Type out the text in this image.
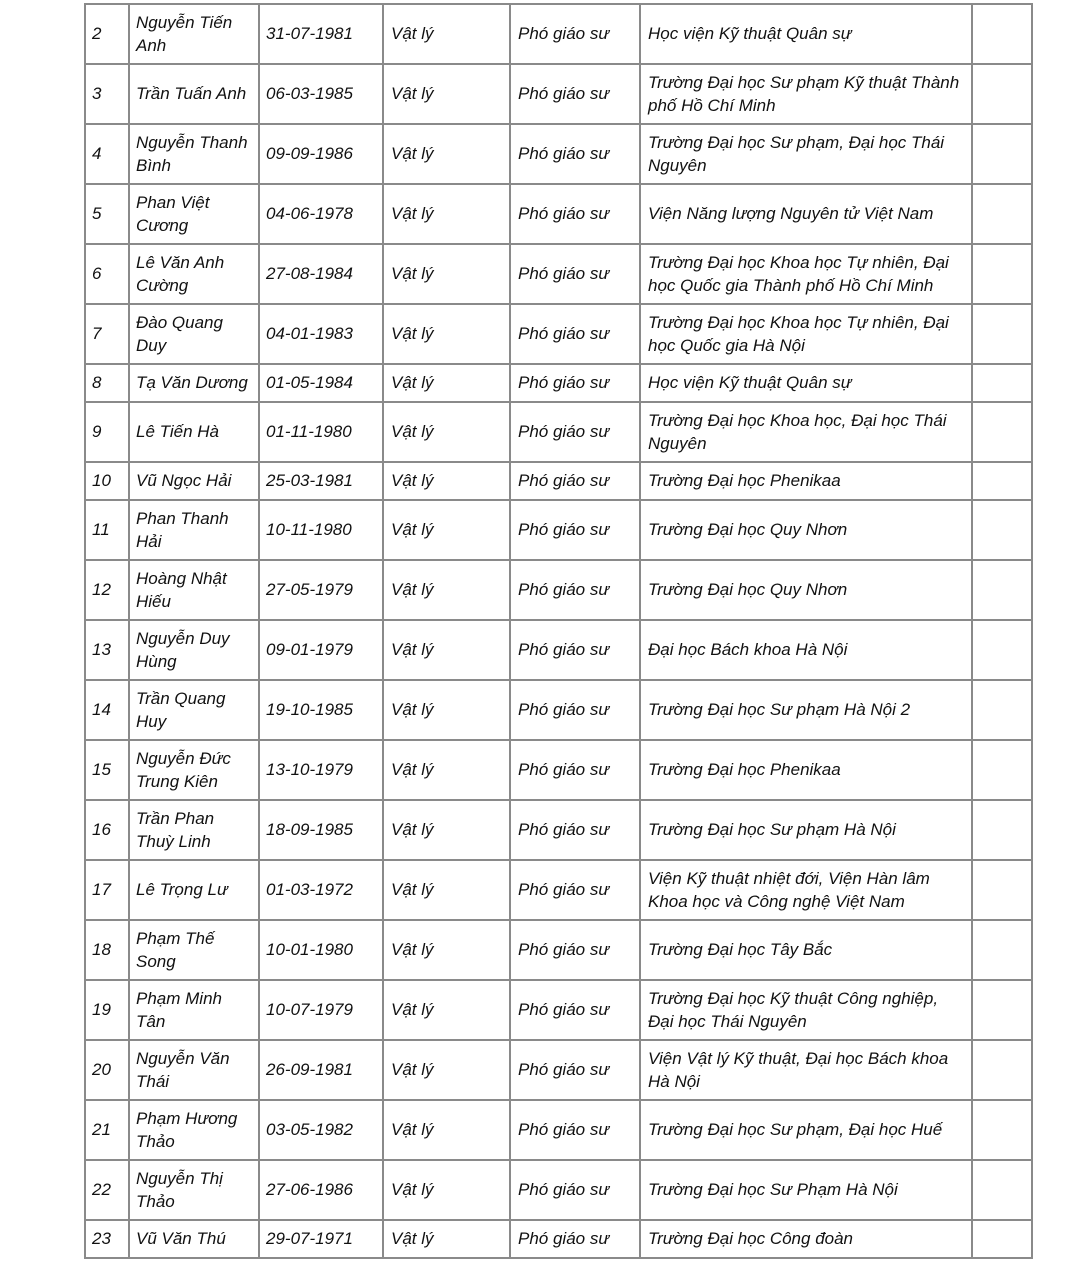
2	Nguyễn Tiến Anh	31-07-1981	Vật lý	Phó giáo sư	Học viện Kỹ thuật Quân sự	
3	Trần Tuấn Anh	06-03-1985	Vật lý	Phó giáo sư	Trường Đại học Sư phạm Kỹ thuật Thành phố Hồ Chí Minh	
4	Nguyễn Thanh Bình	09-09-1986	Vật lý	Phó giáo sư	Trường Đại học Sư phạm, Đại học Thái Nguyên	
5	Phan Việt Cương	04-06-1978	Vật lý	Phó giáo sư	Viện Năng lượng Nguyên tử Việt Nam	
6	Lê Văn Anh Cường	27-08-1984	Vật lý	Phó giáo sư	Trường Đại học Khoa học Tự nhiên, Đại học Quốc gia Thành phố Hồ Chí Minh	
7	Đào Quang Duy	04-01-1983	Vật lý	Phó giáo sư	Trường Đại học Khoa học Tự nhiên, Đại học Quốc gia Hà Nội	
8	Tạ Văn Dương	01-05-1984	Vật lý	Phó giáo sư	Học viện Kỹ thuật Quân sự	
9	Lê Tiến Hà	01-11-1980	Vật lý	Phó giáo sư	Trường Đại học Khoa học, Đại học Thái Nguyên	
10	Vũ Ngọc Hải	25-03-1981	Vật lý	Phó giáo sư	Trường Đại học Phenikaa	
11	Phan Thanh Hải	10-11-1980	Vật lý	Phó giáo sư	Trường Đại học Quy Nhơn	
12	Hoàng Nhật Hiếu	27-05-1979	Vật lý	Phó giáo sư	Trường Đại học Quy Nhơn	
13	Nguyễn Duy Hùng	09-01-1979	Vật lý	Phó giáo sư	Đại học Bách khoa Hà Nội	
14	Trần Quang Huy	19-10-1985	Vật lý	Phó giáo sư	Trường Đại học Sư phạm Hà Nội 2	
15	Nguyễn Đức Trung Kiên	13-10-1979	Vật lý	Phó giáo sư	Trường Đại học Phenikaa	
16	Trần Phan Thuỳ Linh	18-09-1985	Vật lý	Phó giáo sư	Trường Đại học Sư phạm Hà Nội	
17	Lê Trọng Lư	01-03-1972	Vật lý	Phó giáo sư	Viện Kỹ thuật nhiệt đới, Viện Hàn lâm Khoa học và Công nghệ Việt Nam	
18	Phạm Thế Song	10-01-1980	Vật lý	Phó giáo sư	Trường Đại học Tây Bắc	
19	Phạm Minh Tân	10-07-1979	Vật lý	Phó giáo sư	Trường Đại học Kỹ thuật Công nghiệp, Đại học Thái Nguyên	
20	Nguyễn Văn Thái	26-09-1981	Vật lý	Phó giáo sư	Viện Vật lý Kỹ thuật, Đại học Bách khoa Hà Nội	
21	Phạm Hương Thảo	03-05-1982	Vật lý	Phó giáo sư	Trường Đại học Sư phạm, Đại học Huế	
22	Nguyễn Thị Thảo	27-06-1986	Vật lý	Phó giáo sư	Trường Đại học Sư Phạm Hà Nội	
23	Vũ Văn Thú	29-07-1971	Vật lý	Phó giáo sư	Trường Đại học Công đoàn	
